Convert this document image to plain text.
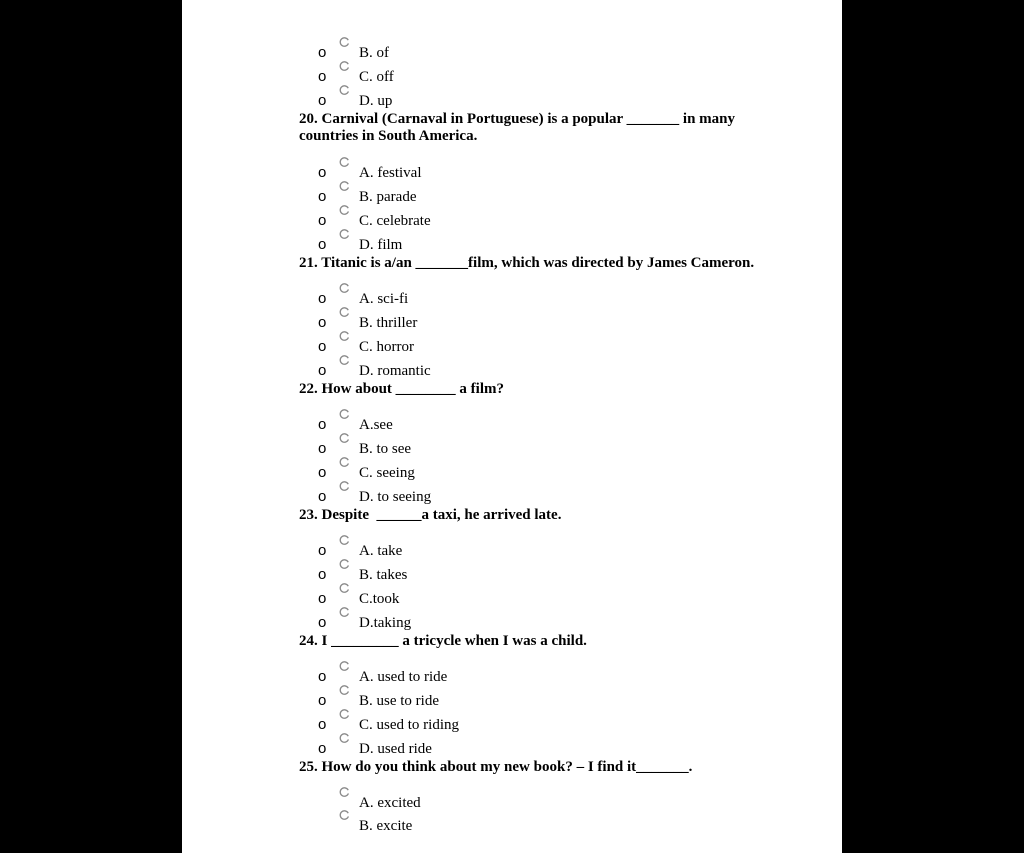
o B. of
o C. off
o D. up
20. Carnival (Carnaval in Portuguese) is a popular _______ in many countries in South America.
o A. festival
o B. parade
o C. celebrate
o D. film
21. Titanic is a/an _______film, which was directed by James Cameron.
o A. sci-fi
o B. thriller
o C. horror
o D. romantic
22. How about ________ a film?
o A.see
o B. to see
o C. seeing
o D. to seeing
23. Despite  ______a taxi, he arrived late.
o A. take
o B. takes
o C.took
o D.taking
24. I _________ a tricycle when I was a child.
o A. used to ride
o B. use to ride
o C. used to riding
o D. used ride
25. How do you think about my new book? – I find it_______.
A. excited
B. excite
